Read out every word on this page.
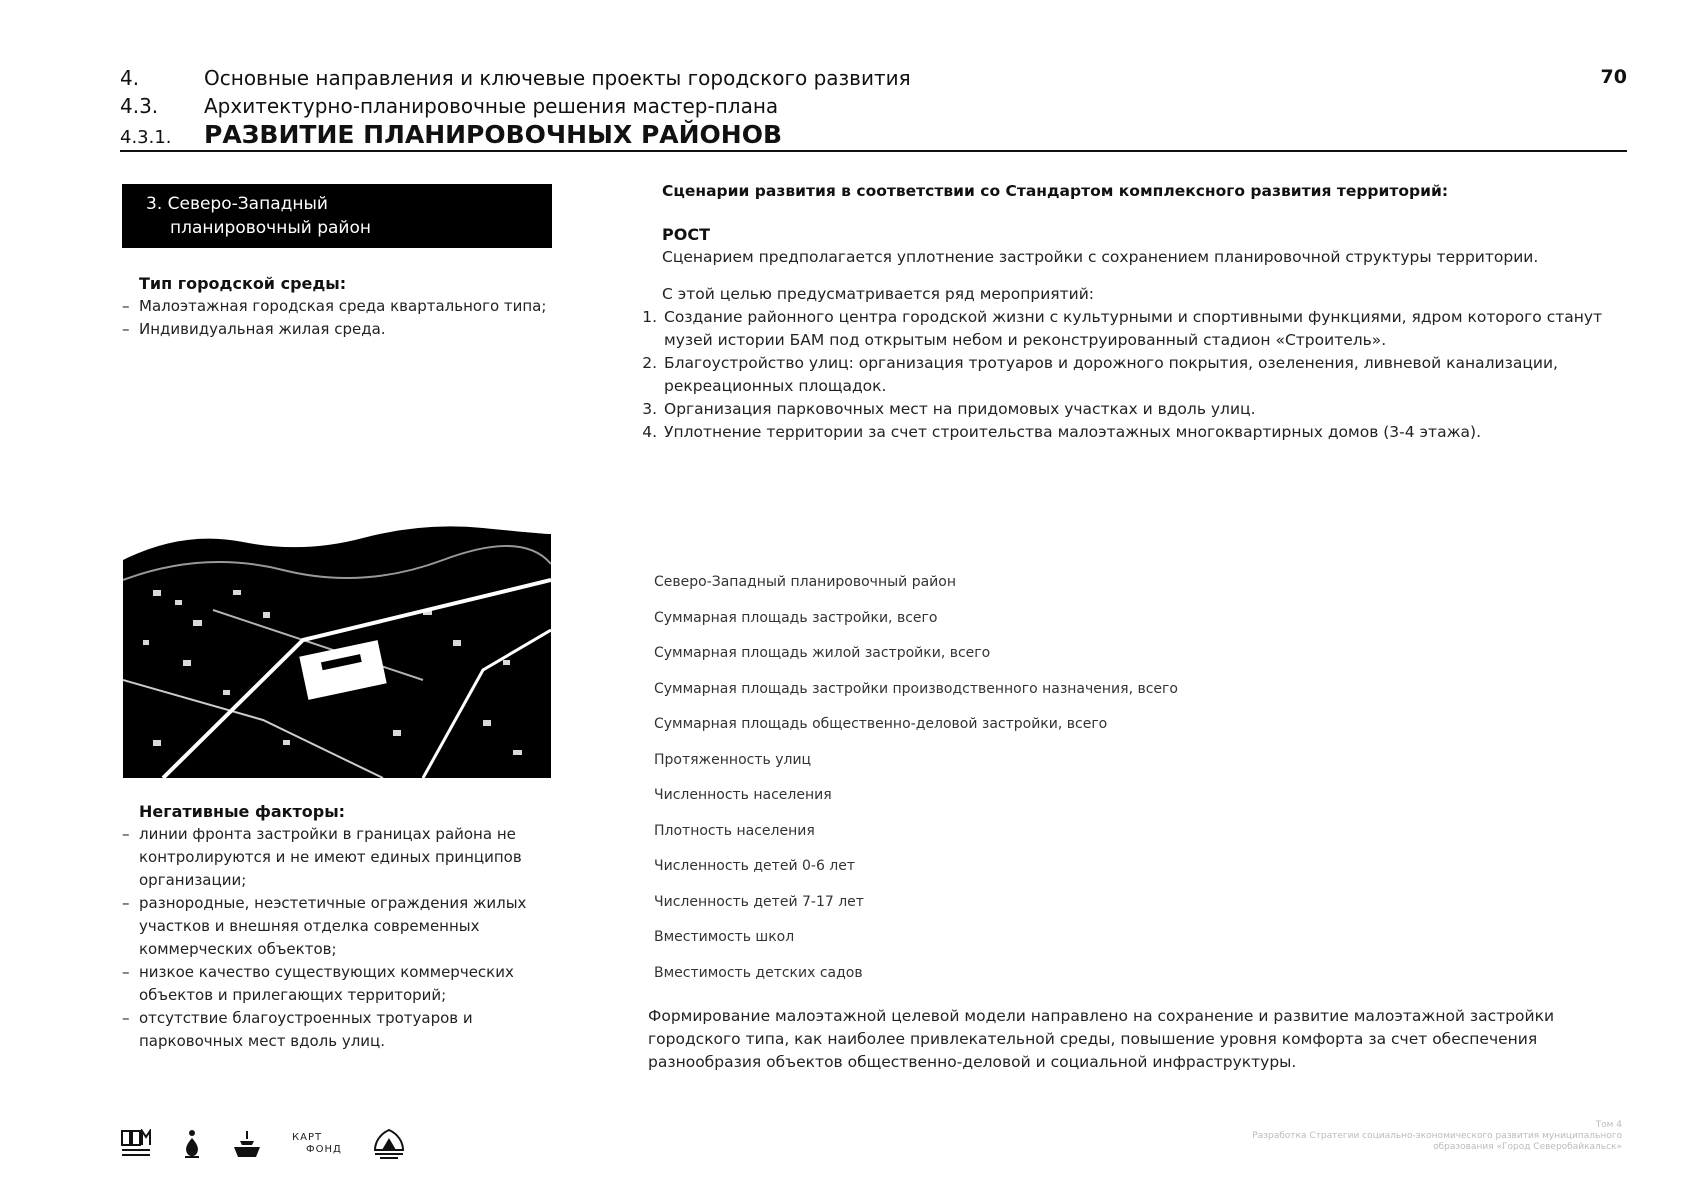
4.	Основные направления и ключевые проекты городского развития
4.3.	Архитектурно-планировочные решения мастер-плана
4.3.1.	РАЗВИТИЕ ПЛАНИРОВОЧНЫХ РАЙОНОВ
70
3. Северо-Западный
планировочный район
Тип городской среды:
– Малоэтажная городская среда квартального типа;
– Индивидуальная жилая среда.
Негативные факторы:
– линии фронта застройки в границах района не контролируются и не имеют единых принципов организации;
– разнородные, неэстетичные ограждения жилых участков и внешняя отделка современных коммерческих объектов;
– низкое качество существующих коммерческих объектов и прилегающих территорий;
– отсутствие благоустроенных тротуаров и парковочных мест вдоль улиц.
Сценарии развития в соответствии со Стандартом комплексного развития территорий:
РОСТ
Сценарием предполагается уплотнение застройки с сохранением планировочной структуры территории.
С этой целью предусматривается ряд мероприятий:
1. Создание районного центра городской жизни с культурными и спортивными функциями, ядром которого станут музей истории БАМ под открытым небом и реконструированный стадион «Строитель».
2. Благоустройство улиц: организация тротуаров и дорожного покрытия, озеленения, ливневой канализации, рекреационных площадок.
3. Организация парковочных мест на придомовых участках и вдоль улиц.
4. Уплотнение территории за счет строительства малоэтажных многоквартирных домов (3-4 этажа).
Северо-Западный планировочный район
Суммарная площадь застройки, всего
Суммарная площадь жилой застройки, всего
Суммарная площадь застройки производственного назначения, всего
Суммарная площадь общественно-деловой застройки, всего
Протяженность улиц
Численность населения
Плотность населения
Численность детей 0-6 лет
Численность детей 7-17 лет
Вместимость школ
Вместимость детских садов
Формирование малоэтажной целевой модели направлено на сохранение и развитие малоэтажной застройки городского типа, как наиболее привлекательной среды, повышение уровня комфорта за счет обеспечения разнообразия объектов общественно-деловой и социальной инфраструктуры.
КАРТ
ФОНД
Том 4
Разработка Стратегии социально-экономического развития муниципального
образования «Город Северобайкальск»
